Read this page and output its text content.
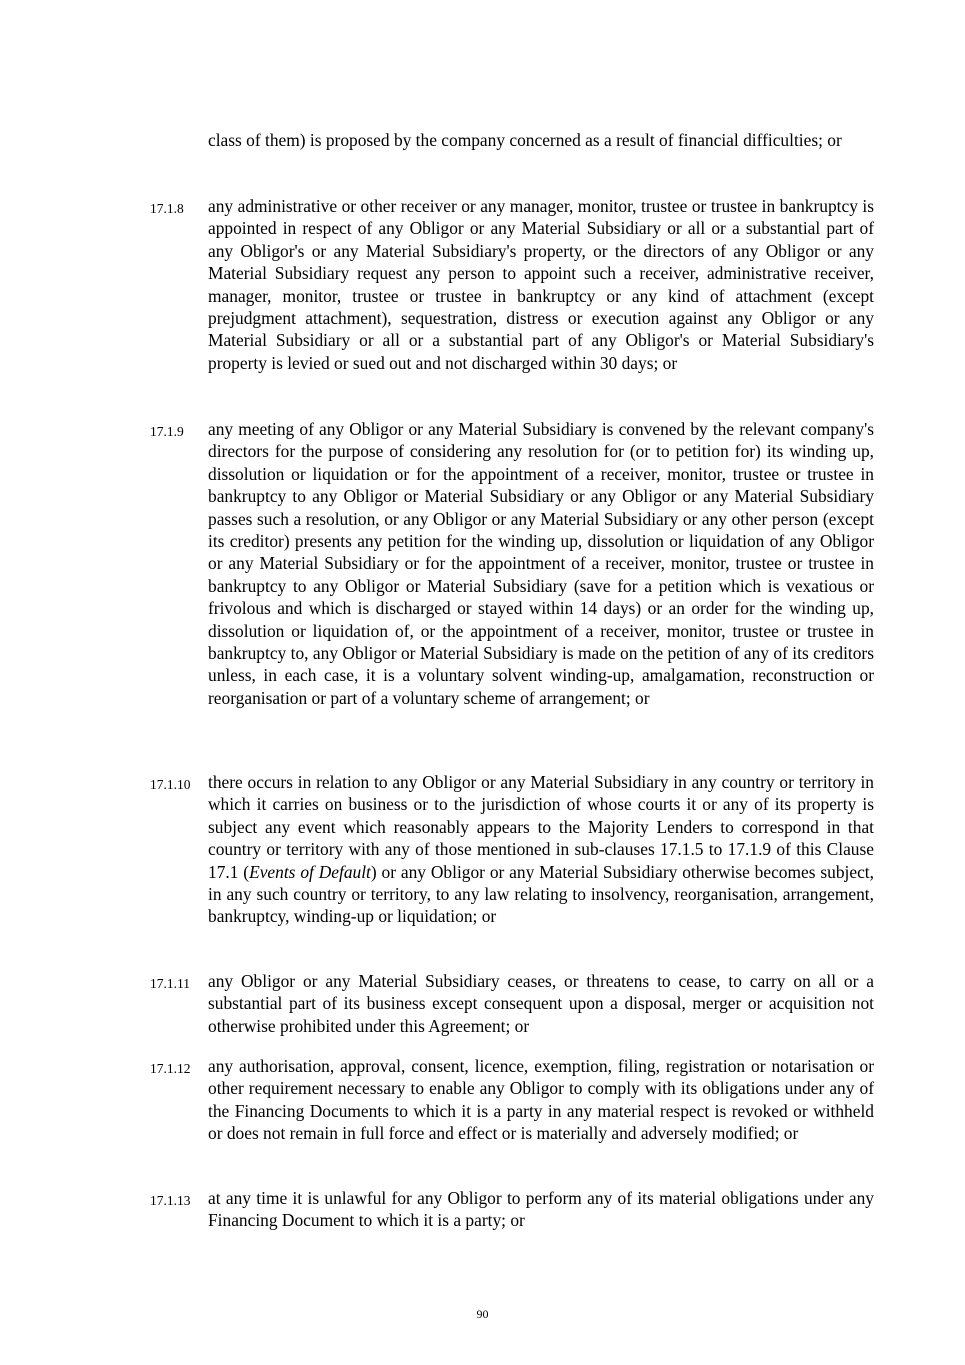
class of them) is proposed by the company concerned as a result of financial difficulties; or
17.1.8 any administrative or other receiver or any manager, monitor, trustee or trustee in bankruptcy is appointed in respect of any Obligor or any Material Subsidiary or all or a substantial part of any Obligor's or any Material Subsidiary's property, or the directors of any Obligor or any Material Subsidiary request any person to appoint such a receiver, administrative receiver, manager, monitor, trustee or trustee in bankruptcy or any kind of attachment (except prejudgment attachment), sequestration, distress or execution against any Obligor or any Material Subsidiary or all or a substantial part of any Obligor's or Material Subsidiary's property is levied or sued out and not discharged within 30 days; or
17.1.9 any meeting of any Obligor or any Material Subsidiary is convened by the relevant company's directors for the purpose of considering any resolution for (or to petition for) its winding up, dissolution or liquidation or for the appointment of a receiver, monitor, trustee or trustee in bankruptcy to any Obligor or Material Subsidiary or any Obligor or any Material Subsidiary passes such a resolution, or any Obligor or any Material Subsidiary or any other person (except its creditor) presents any petition for the winding up, dissolution or liquidation of any Obligor or any Material Subsidiary or for the appointment of a receiver, monitor, trustee or trustee in bankruptcy to any Obligor or Material Subsidiary (save for a petition which is vexatious or frivolous and which is discharged or stayed within 14 days) or an order for the winding up, dissolution or liquidation of, or the appointment of a receiver, monitor, trustee or trustee in bankruptcy to, any Obligor or Material Subsidiary is made on the petition of any of its creditors unless, in each case, it is a voluntary solvent winding-up, amalgamation, reconstruction or reorganisation or part of a voluntary scheme of arrangement; or
17.1.10 there occurs in relation to any Obligor or any Material Subsidiary in any country or territory in which it carries on business or to the jurisdiction of whose courts it or any of its property is subject any event which reasonably appears to the Majority Lenders to correspond in that country or territory with any of those mentioned in sub-clauses 17.1.5 to 17.1.9 of this Clause 17.1 (Events of Default) or any Obligor or any Material Subsidiary otherwise becomes subject, in any such country or territory, to any law relating to insolvency, reorganisation, arrangement, bankruptcy, winding-up or liquidation; or
17.1.11 any Obligor or any Material Subsidiary ceases, or threatens to cease, to carry on all or a substantial part of its business except consequent upon a disposal, merger or acquisition not otherwise prohibited under this Agreement; or
17.1.12 any authorisation, approval, consent, licence, exemption, filing, registration or notarisation or other requirement necessary to enable any Obligor to comply with its obligations under any of the Financing Documents to which it is a party in any material respect is revoked or withheld or does not remain in full force and effect or is materially and adversely modified; or
17.1.13 at any time it is unlawful for any Obligor to perform any of its material obligations under any Financing Document to which it is a party; or
90
